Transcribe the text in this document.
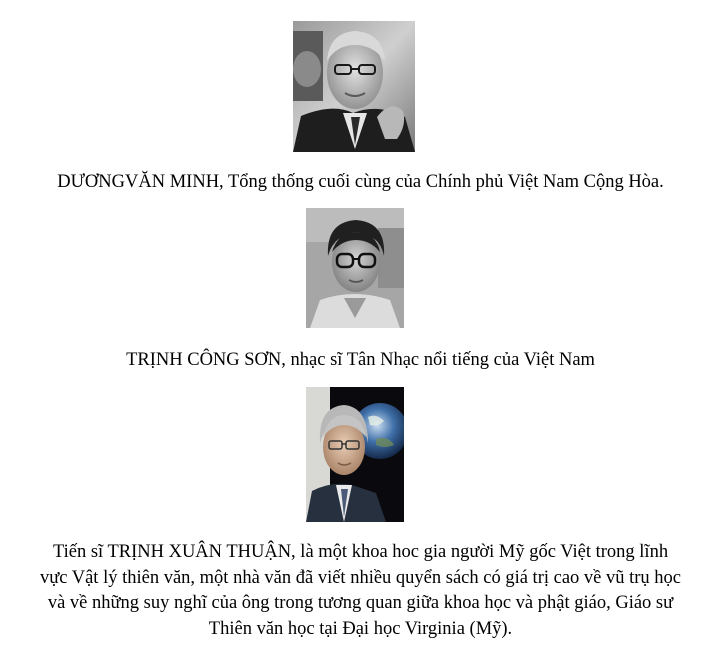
DƯƠNGVĂN MINH, Tổng thống cuối cùng của Chính phủ Việt Nam Cộng Hòa.
TRỊNH CÔNG SƠN, nhạc sĩ Tân Nhạc nổi tiếng của Việt Nam
Tiến sĩ TRỊNH XUÂN THUẬN, là một khoa hoc gia người Mỹ gốc Việt trong lĩnh
vực Vật lý thiên văn, một nhà văn đã viết nhiều quyển sách có giá trị cao về vũ trụ học
và về những suy nghĩ của ông trong tương quan giữa khoa học và phật giáo, Giáo sư
Thiên văn học tại Đại học Virginia (Mỹ).
